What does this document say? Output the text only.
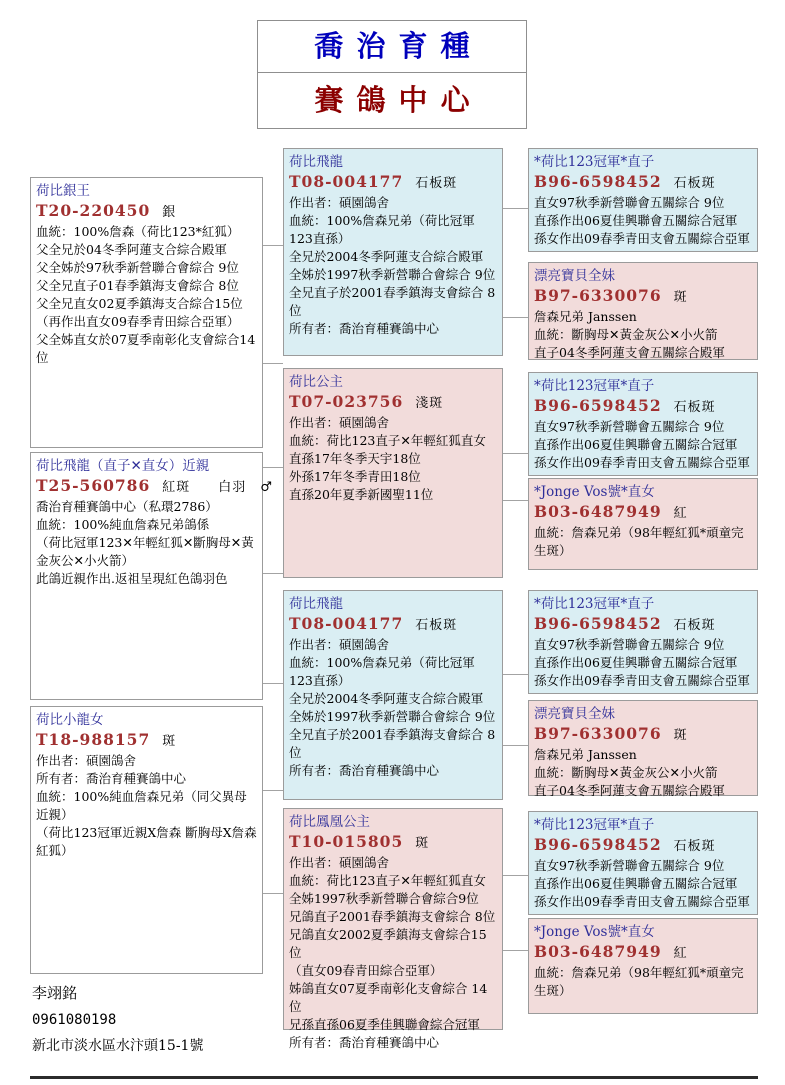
喬治育種
賽鴿中心
荷比銀王
T20-220450 銀
血統：100%詹森（荷比123*紅狐）
父全兄於04冬季阿蓮支合綜合殿軍
父全姊於97秋季新營聯合會綜合 9位
父全兄直子01春季鎮海支會綜合 8位
父全兄直女02夏季鎮海支合綜合15位
（再作出直女09春季青田綜合亞軍）
父全姊直女於07夏季南彰化支會綜合14位
荷比飛龍（直子✕直女）近親
T25-560786 紅斑　　白羽　♂
喬治育種賽鴿中心（私環2786）
血統：100%純血詹森兄弟鴿係
（荷比冠軍123✕年輕紅狐✕斷胸母✕黃金灰公✕小火箭）
此鴿近親作出.返祖呈現紅色鴿羽色
荷比小龍女
T18-988157 斑
作出者：碩園鴿舍
所有者：喬治育種賽鴿中心
血統：100%純血詹森兄弟（同父異母近親）
（荷比123冠軍近親X詹森 斷胸母X詹森紅狐）
荷比飛龍
T08-004177 石板斑
作出者：碩園鴿舍
血統：100%詹森兄弟（荷比冠軍123直孫）
全兄於2004冬季阿蓮支合綜合殿軍
全姊於1997秋季新營聯合會綜合 9位
全兄直子於2001春季鎮海支會綜合 8位
所有者：喬治育種賽鴿中心
荷比公主
T07-023756 淺斑
作出者：碩園鴿舍
血統：荷比123直子✕年輕紅狐直女
直孫17年冬季天宇18位
外孫17年冬季青田18位
直孫20年夏季新國聖11位
荷比飛龍
T08-004177 石板斑
作出者：碩園鴿舍
血統：100%詹森兄弟（荷比冠軍123直孫）
全兄於2004冬季阿蓮支合綜合殿軍
全姊於1997秋季新營聯合會綜合 9位
全兄直子於2001春季鎮海支會綜合 8位
所有者：喬治育種賽鴿中心
荷比鳳凰公主
T10-015805 斑
作出者：碩園鴿舍
血統：荷比123直子✕年輕紅狐直女
全姊1997秋季新營聯合會綜合9位
兄鴿直子2001春季鎮海支會綜合 8位
兄鴿直女2002夏季鎮海支會綜合15位
（直女09春青田綜合亞軍）
姊鴿直女07夏季南彰化支會綜合 14位
兄孫直孫06夏季佳興聯會綜合冠軍
所有者：喬治育種賽鴿中心
*荷比123冠軍*直子
B96-6598452 石板斑
直女97秋季新營聯會五關綜合 9位
直孫作出06夏佳興聯會五關綜合冠軍
孫女作出09春季青田支會五關綜合亞軍
漂亮寶貝全妹
B97-6330076 斑
詹森兄弟 Janssen
血統：斷胸母✕黃金灰公✕小火箭
直子04冬季阿蓮支會五關綜合殿軍
*荷比123冠軍*直子
B96-6598452 石板斑
直女97秋季新營聯會五關綜合 9位
直孫作出06夏佳興聯會五關綜合冠軍
孫女作出09春季青田支會五關綜合亞軍
*Jonge Vos號*直女
B03-6487949 紅
血統：詹森兄弟（98年輕紅狐*頑童完生斑）
*荷比123冠軍*直子
B96-6598452 石板斑
直女97秋季新營聯會五關綜合 9位
直孫作出06夏佳興聯會五關綜合冠軍
孫女作出09春季青田支會五關綜合亞軍
漂亮寶貝全妹
B97-6330076 斑
詹森兄弟 Janssen
血統：斷胸母✕黃金灰公✕小火箭
直子04冬季阿蓮支會五關綜合殿軍
*荷比123冠軍*直子
B96-6598452 石板斑
直女97秋季新營聯會五關綜合 9位
直孫作出06夏佳興聯會五關綜合冠軍
孫女作出09春季青田支會五關綜合亞軍
*Jonge Vos號*直女
B03-6487949 紅
血統：詹森兄弟（98年輕紅狐*頑童完生斑）
李翊銘
0961080198
新北市淡水區水汴頭15-1號
